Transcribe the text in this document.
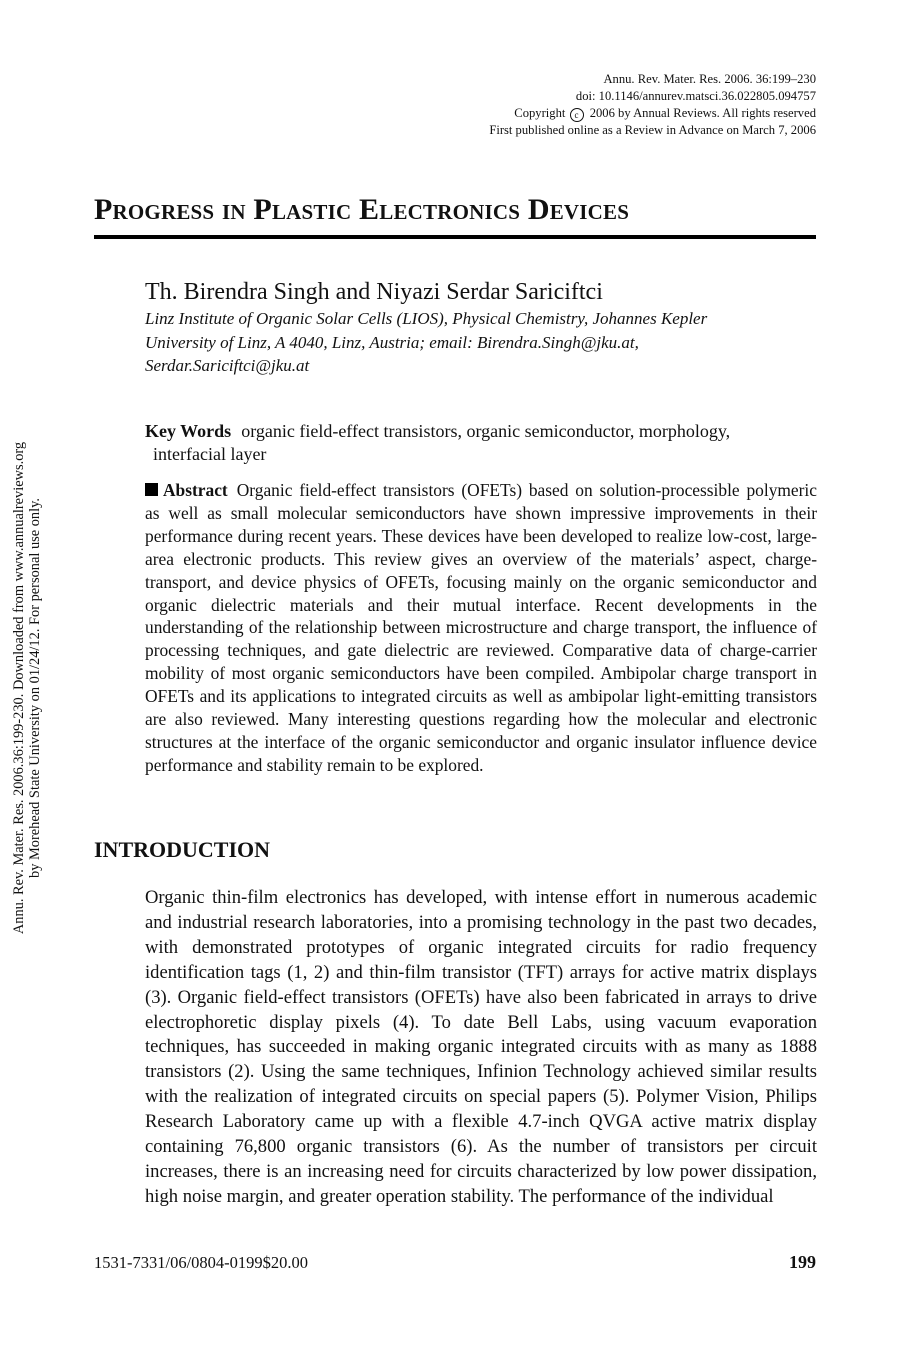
Annu. Rev. Mater. Res. 2006. 36:199–230
doi: 10.1146/annurev.matsci.36.022805.094757
Copyright c 2006 by Annual Reviews. All rights reserved
First published online as a Review in Advance on March 7, 2006
Progress in Plastic Electronics Devices
Th. Birendra Singh and Niyazi Serdar Sariciftci
Linz Institute of Organic Solar Cells (LIOS), Physical Chemistry, Johannes Kepler
University of Linz, A 4040, Linz, Austria; email: Birendra.Singh@jku.at,
Serdar.Sariciftci@jku.at
Key Words organic field-effect transistors, organic semiconductor, morphology,
interfacial layer

Abstract Organic field-effect transistors (OFETs) based on solution-processible polymeric as well as small molecular semiconductors have shown impressive improvements in their performance during recent years. These devices have been developed to realize low-cost, large-area electronic products. This review gives an overview of the materials’ aspect, charge-transport, and device physics of OFETs, focusing mainly on the organic semiconductor and organic dielectric materials and their mutual interface. Recent developments in the understanding of the relationship between microstructure and charge transport, the influence of processing techniques, and gate dielectric are reviewed. Comparative data of charge-carrier mobility of most organic semiconductors have been compiled. Ambipolar charge transport in OFETs and its applications to integrated circuits as well as ambipolar light-emitting transistors are also reviewed. Many interesting questions regarding how the molecular and electronic structures at the interface of the organic semiconductor and organic insulator influence device performance and stability remain to be explored.

INTRODUCTION

Organic thin-film electronics has developed, with intense effort in numerous academic and industrial research laboratories, into a promising technology in the past two decades, with demonstrated prototypes of organic integrated circuits for radio frequency identification tags (1, 2) and thin-film transistor (TFT) arrays for active matrix displays (3). Organic field-effect transistors (OFETs) have also been fabricated in arrays to drive electrophoretic display pixels (4). To date Bell Labs, using vacuum evaporation techniques, has succeeded in making organic integrated circuits with as many as 1888 transistors (2). Using the same techniques, Infinion Technology achieved similar results with the realization of integrated circuits on special papers (5). Polymer Vision, Philips Research Laboratory came up with a flexible 4.7-inch QVGA active matrix display containing 76,800 organic transistors (6). As the number of transistors per circuit increases, there is an increasing need for circuits characterized by low power dissipation, high noise margin, and greater operation stability. The performance of the individual

1531-7331/06/0804-0199$20.00	199
Annu. Rev. Mater. Res. 2006.36:199-230. Downloaded from www.annualreviews.org by Morehead State University on 01/24/12. For personal use only.
